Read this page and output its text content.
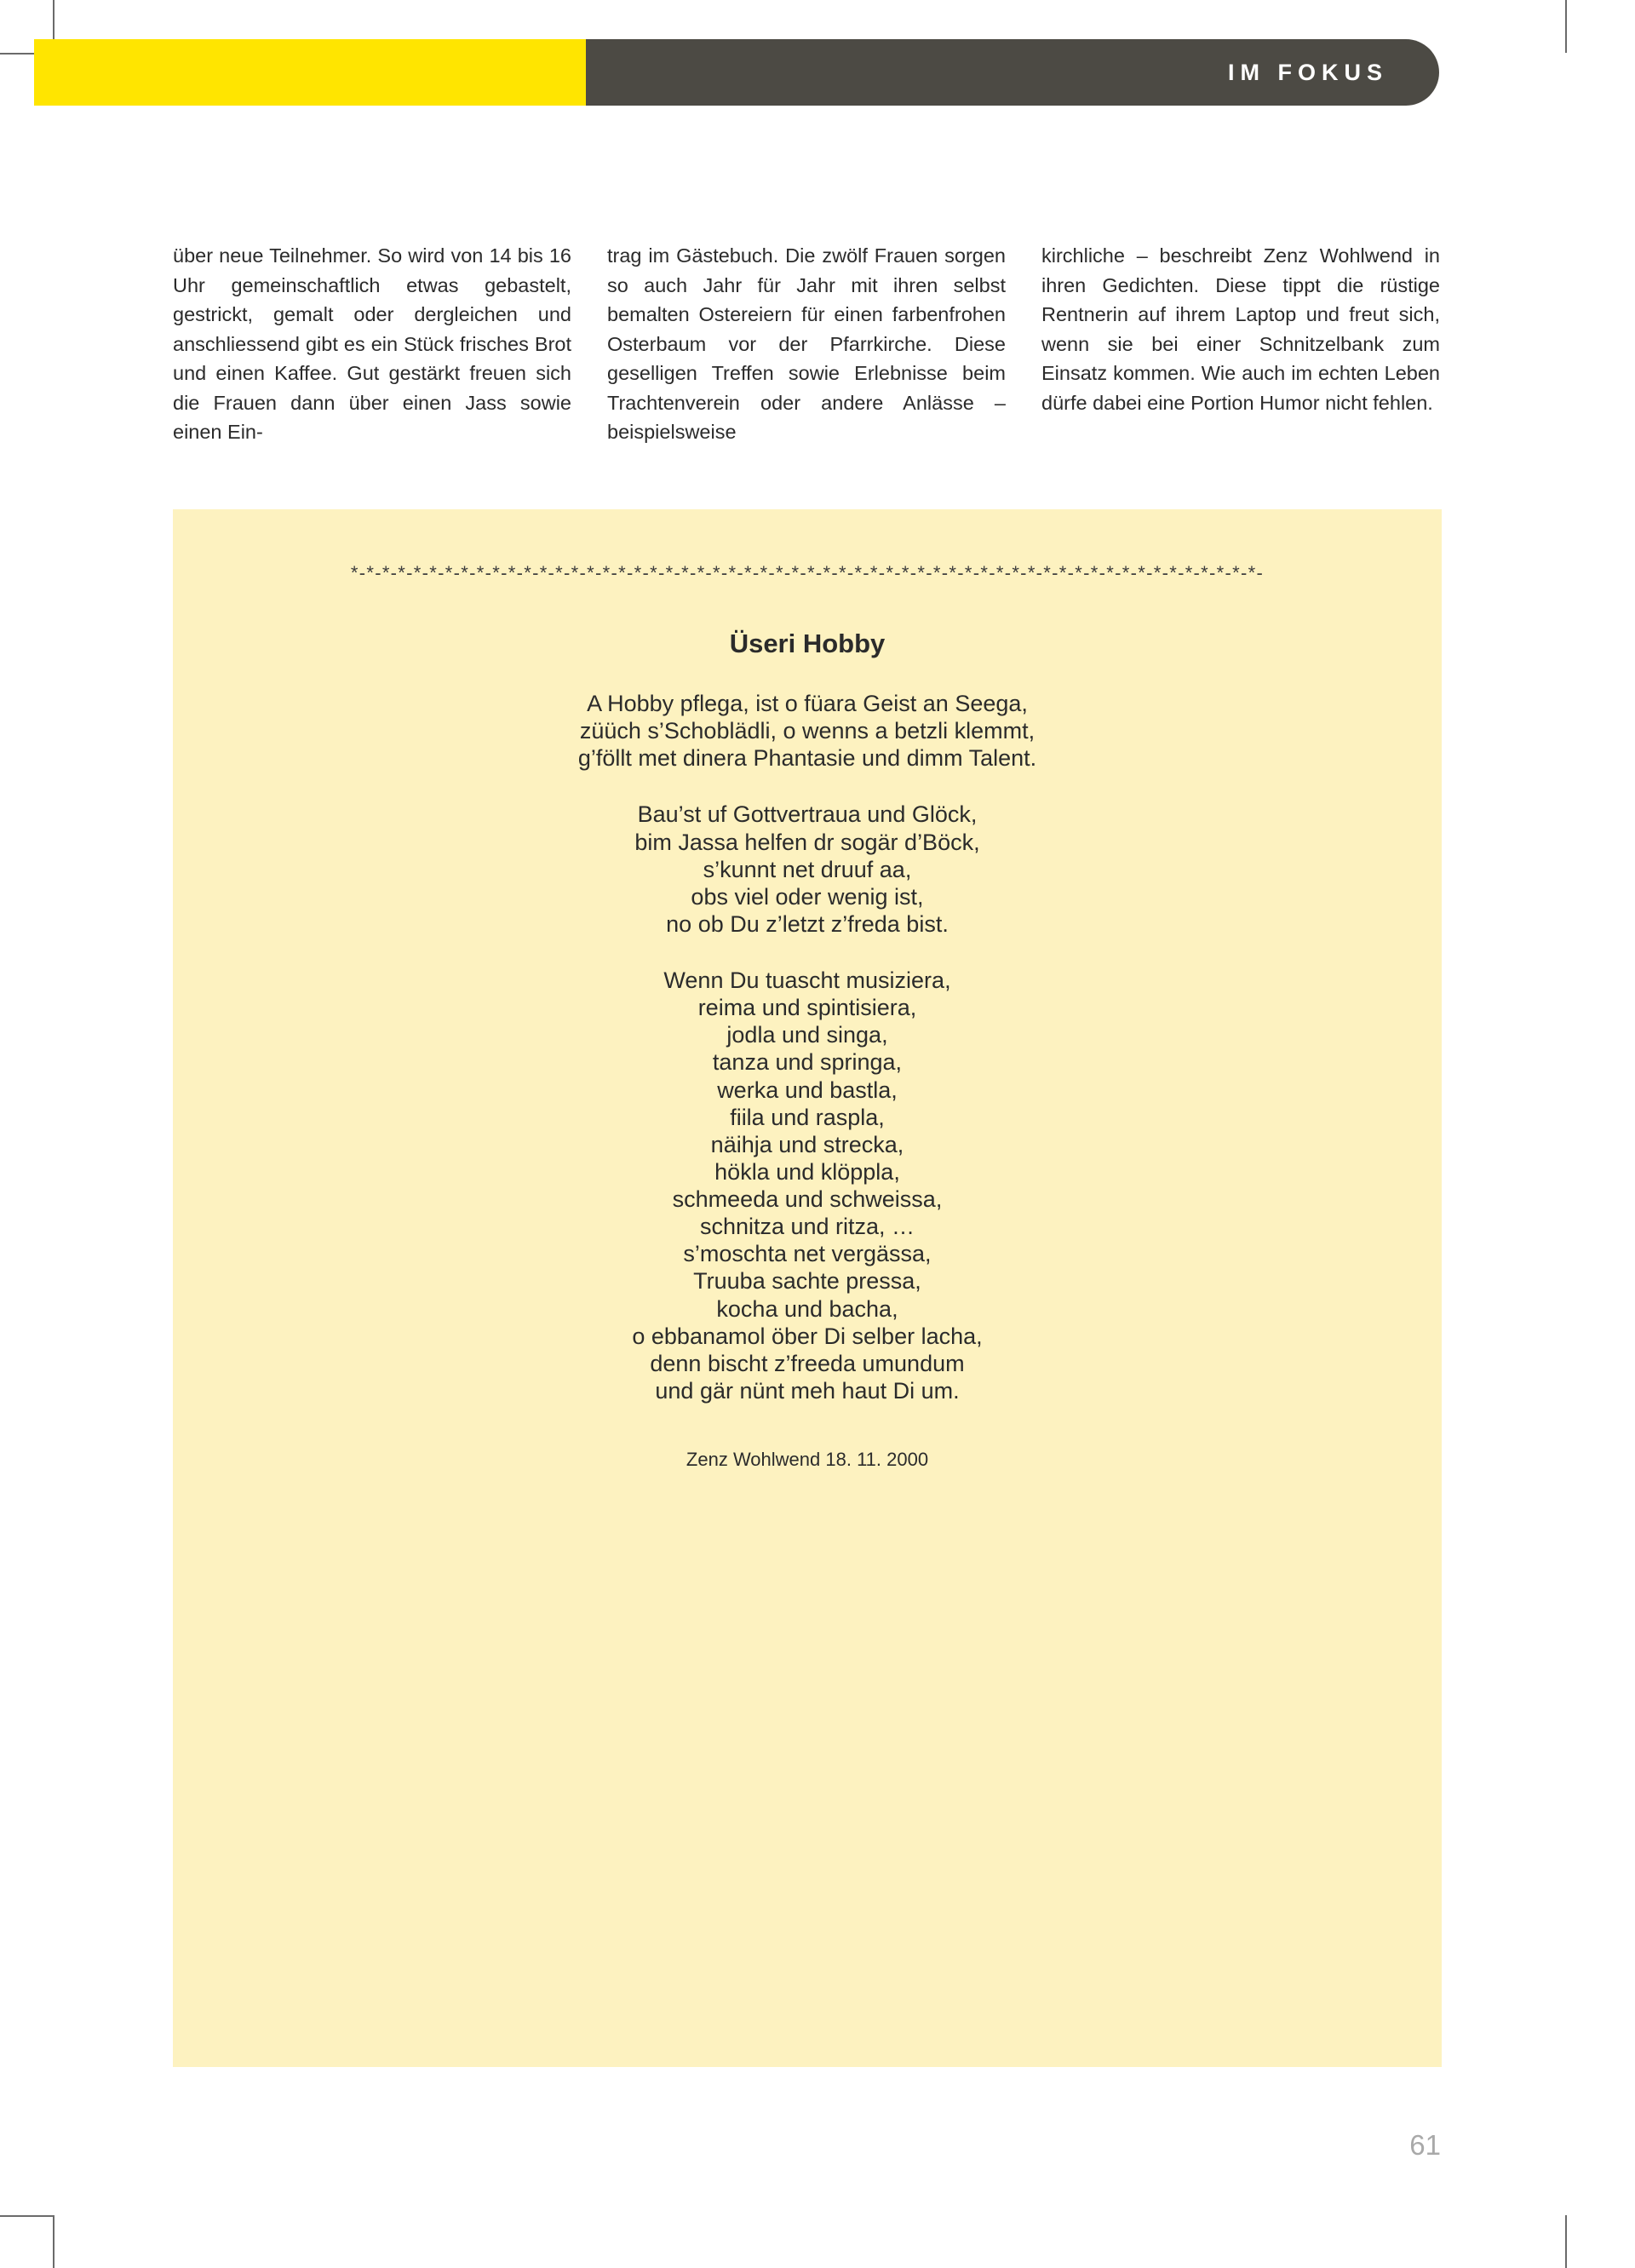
IM FOKUS

über neue Teilnehmer. So wird von 14 bis 16 Uhr gemeinschaftlich etwas gebastelt, gestrickt, gemalt oder dergleichen und anschliessend gibt es ein Stück frisches Brot und einen Kaffee. Gut gestärkt freuen sich die Frauen dann über einen Jass sowie einen Ein-

trag im Gästebuch. Die zwölf Frauen sorgen so auch Jahr für Jahr mit ihren selbst bemalten Ostereiern für einen farbenfrohen Osterbaum vor der Pfarrkirche. Diese geselligen Treffen sowie Erlebnisse beim Trachtenverein oder andere Anlässe – beispielsweise

kirchliche – beschreibt Zenz Wohlwend in ihren Gedichten. Diese tippt die rüstige Rentnerin auf ihrem Laptop und freut sich, wenn sie bei einer Schnitzelbank zum Einsatz kommen. Wie auch im echten Leben dürfe dabei eine Portion Humor nicht fehlen.

*-*-*-*-*-*-*-*-*-*-*-*-*-*-*-*-*-*-*-*-*-*-*-*-*-*-*-*-*-*-*-*-*-*-*-*-*-*-*-*-*-*-*-*-*-*-*-*-*-*-*-*-*-*-*-*-*-*-
Üseri Hobby
A Hobby pflega, ist o füara Geist an Seega,
züüch s’Schoblädli, o wenns a betzli klemmt,
g’föllt met dinera Phantasie und dimm Talent.
Bau’st uf Gottvertraua und Glöck,
bim Jassa helfen dr sogär d’Böck,
s’kunnt net druuf aa,
obs viel oder wenig ist,
no ob Du z’letzt z’freda bist.
Wenn Du tuascht musiziera,
reima und spintisiera,
jodla und singa,
tanza und springa,
werka und bastla,
fiila und raspla,
näihja und strecka,
hökla und klöppla,
schmeeda und schweissa,
schnitza und ritza, …
s’moschta net vergässa,
Truuba sachte pressa,
kocha und bacha,
o ebbanamol öber Di selber lacha,
denn bischt z’freeda umundum
und gär nünt meh haut Di um.
Zenz Wohlwend 18. 11. 2000
61
